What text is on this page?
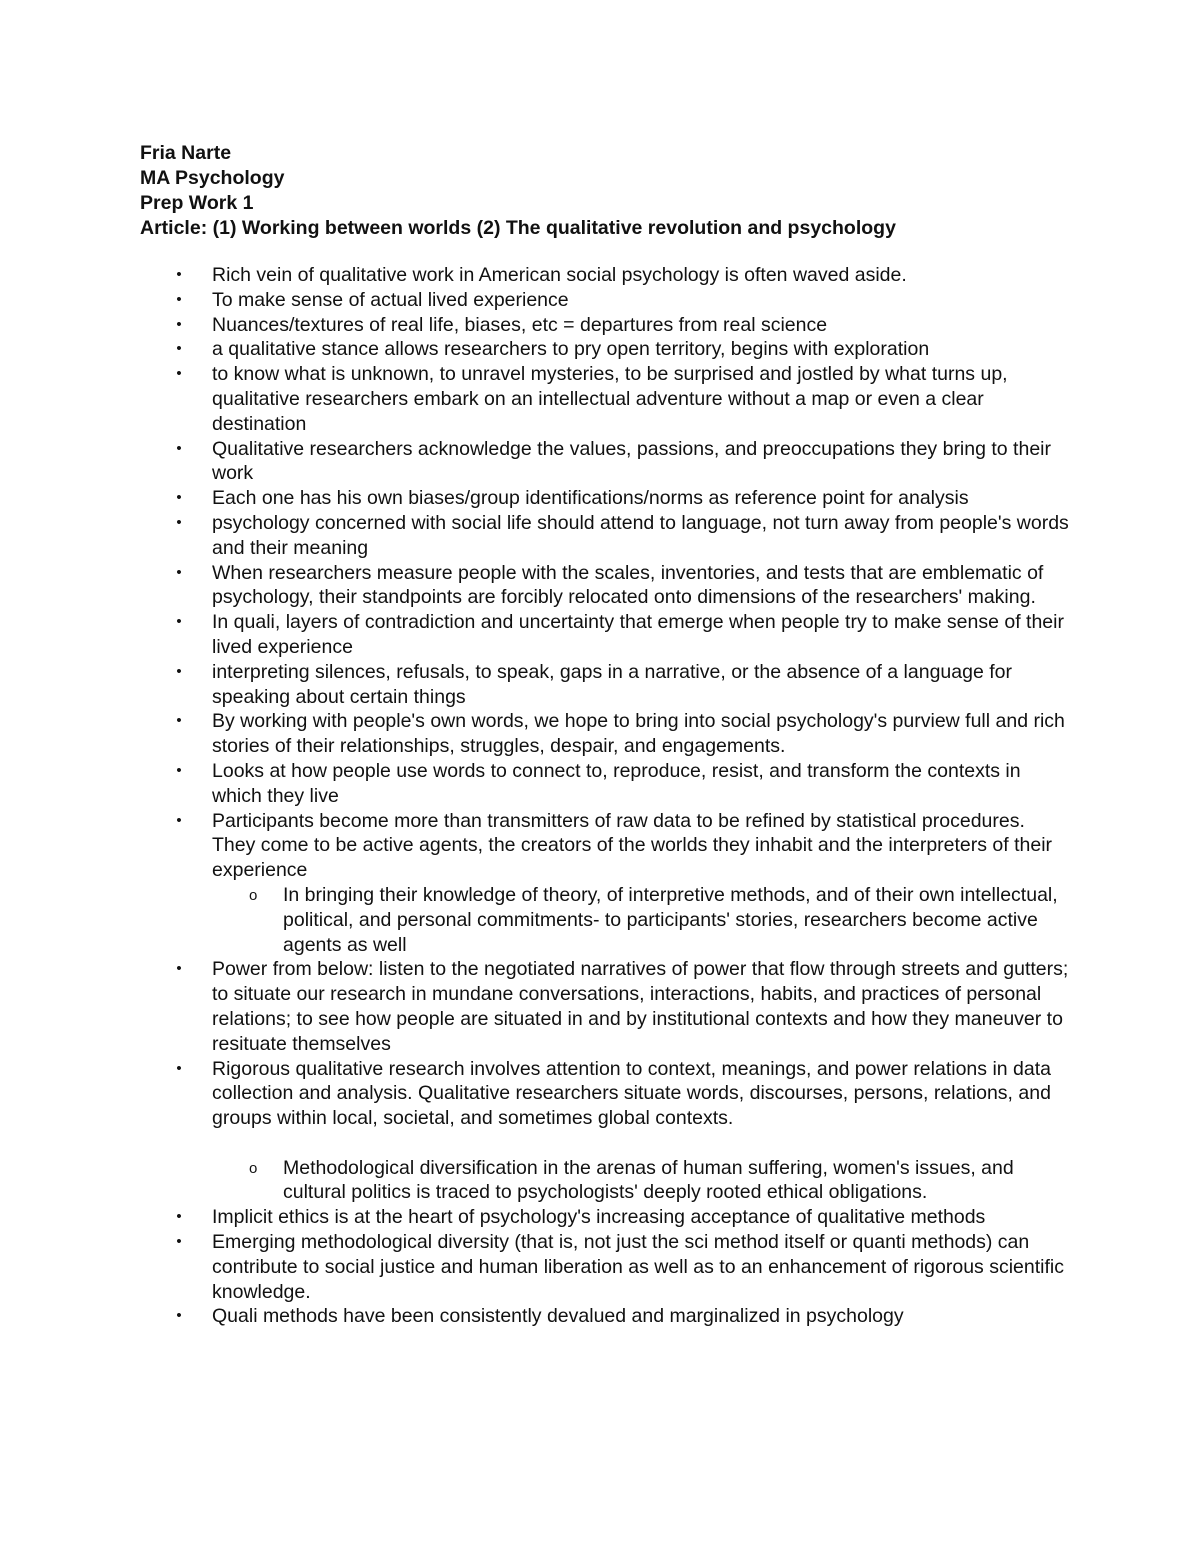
Fria Narte
MA Psychology
Prep Work 1
Article: (1) Working between worlds (2) The qualitative revolution and psychology
• Rich vein of qualitative work in American social psychology is often waved aside.
• To make sense of actual lived experience
• Nuances/textures of real life, biases, etc = departures from real science
• a qualitative stance allows researchers to pry open territory, begins with exploration
• to know what is unknown, to unravel mysteries, to be surprised and jostled by what turns up, qualitative researchers embark on an intellectual adventure without a map or even a clear destination
• Qualitative researchers acknowledge the values, passions, and preoccupations they bring to their work
• Each one has his own biases/group identifications/norms as reference point for analysis
• psychology concerned with social life should attend to language, not turn away from people's words and their meaning
• When researchers measure people with the scales, inventories, and tests that are emblematic of psychology, their standpoints are forcibly relocated onto dimensions of the researchers' making.
• In quali, layers of contradiction and uncertainty that emerge when people try to make sense of their lived experience
• interpreting silences, refusals, to speak, gaps in a narrative, or the absence of a language for speaking about certain things
• By working with people's own words, we hope to bring into social psychology's purview full and rich stories of their relationships, struggles, despair, and engagements.
• Looks at how people use words to connect to, reproduce, resist, and transform the contexts in which they live
• Participants become more than transmitters of raw data to be refined by statistical procedures. They come to be active agents, the creators of the worlds they inhabit and the interpreters of their experience
o In bringing their knowledge of theory, of interpretive methods, and of their own intellectual, political, and personal commitments- to participants' stories, researchers become active agents as well
• Power from below: listen to the negotiated narratives of power that flow through streets and gutters; to situate our research in mundane conversations, interactions, habits, and practices of personal relations; to see how people are situated in and by institutional contexts and how they maneuver to resituate themselves
• Rigorous qualitative research involves attention to context, meanings, and power relations in data collection and analysis. Qualitative researchers situate words, discourses, persons, relations, and groups within local, societal, and sometimes global contexts.
o Methodological diversification in the arenas of human suffering, women's issues, and cultural politics is traced to psychologists' deeply rooted ethical obligations.
• Implicit ethics is at the heart of psychology's increasing acceptance of qualitative methods
• Emerging methodological diversity (that is, not just the sci method itself or quanti methods) can contribute to social justice and human liberation as well as to an enhancement of rigorous scientific knowledge.
• Quali methods have been consistently devalued and marginalized in psychology
